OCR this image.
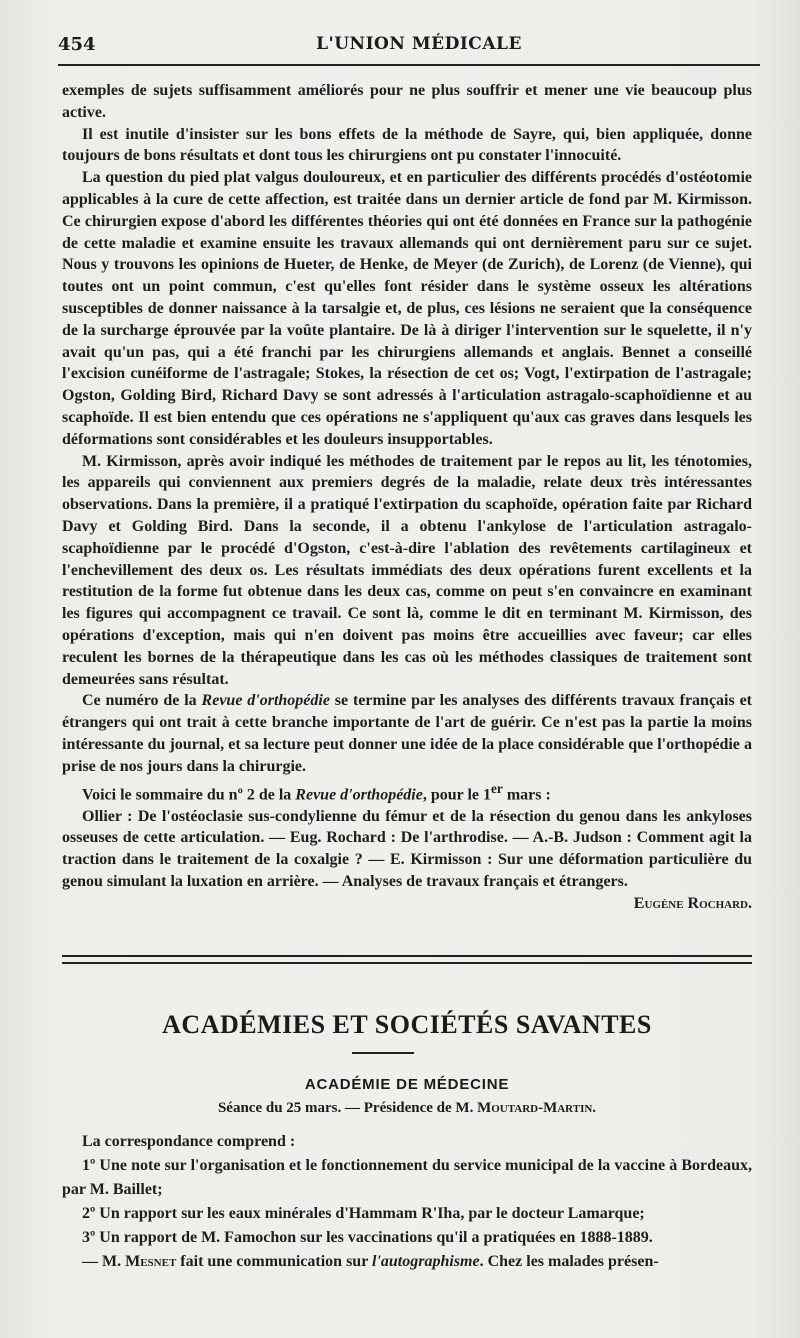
454	L'UNION MÉDICALE

exemples de sujets suffisamment améliorés pour ne plus souffrir et mener une vie beaucoup plus active.

Il est inutile d'insister sur les bons effets de la méthode de Sayre, qui, bien appliquée, donne toujours de bons résultats et dont tous les chirurgiens ont pu constater l'innocuité.

La question du pied plat valgus douloureux, et en particulier des différents procédés d'ostéotomie applicables à la cure de cette affection, est traitée dans un dernier article de fond par M. Kirmisson. Ce chirurgien expose d'abord les différentes théories qui ont été données en France sur la pathogénie de cette maladie et examine ensuite les travaux allemands qui ont dernièrement paru sur ce sujet. Nous y trouvons les opinions de Hueter, de Henke, de Meyer (de Zurich), de Lorenz (de Vienne), qui toutes ont un point commun, c'est qu'elles font résider dans le système osseux les altérations susceptibles de donner naissance à la tarsalgie et, de plus, ces lésions ne seraient que la conséquence de la surcharge éprouvée par la voûte plantaire. De là à diriger l'intervention sur le squelette, il n'y avait qu'un pas, qui a été franchi par les chirurgiens allemands et anglais. Bennet a conseillé l'excision cunéiforme de l'astragale; Stokes, la résection de cet os; Vogt, l'extirpation de l'astragale; Ogston, Golding Bird, Richard Davy se sont adressés à l'articulation astragalo-scaphoïdienne et au scaphoïde. Il est bien entendu que ces opérations ne s'appliquent qu'aux cas graves dans lesquels les déformations sont considérables et les douleurs insupportables.

M. Kirmisson, après avoir indiqué les méthodes de traitement par le repos au lit, les ténotomies, les appareils qui conviennent aux premiers degrés de la maladie, relate deux très intéressantes observations. Dans la première, il a pratiqué l'extirpation du scaphoïde, opération faite par Richard Davy et Golding Bird. Dans la seconde, il a obtenu l'ankylose de l'articulation astragalo-scaphoïdienne par le procédé d'Ogston, c'est-à-dire l'ablation des revêtements cartilagineux et l'enchevillement des deux os. Les résultats immédiats des deux opérations furent excellents et la restitution de la forme fut obtenue dans les deux cas, comme on peut s'en convaincre en examinant les figures qui accompagnent ce travail. Ce sont là, comme le dit en terminant M. Kirmisson, des opérations d'exception, mais qui n'en doivent pas moins être accueillies avec faveur; car elles reculent les bornes de la thérapeutique dans les cas où les méthodes classiques de traitement sont demeurées sans résultat.

Ce numéro de la Revue d'orthopédie se termine par les analyses des différents travaux français et étrangers qui ont trait à cette branche importante de l'art de guérir. Ce n'est pas la partie la moins intéressante du journal, et sa lecture peut donner une idée de la place considérable que l'orthopédie a prise de nos jours dans la chirurgie.

Voici le sommaire du nº 2 de la Revue d'orthopédie, pour le 1er mars :

Ollier : De l'ostéoclasie sus-condylienne du fémur et de la résection du genou dans les ankyloses osseuses de cette articulation. — Eug. Rochard : De l'arthrodise. — A.-B. Judson : Comment agit la traction dans le traitement de la coxalgie ? — E. Kirmisson : Sur une déformation particulière du genou simulant la luxation en arrière. — Analyses de travaux français et étrangers.

Eugène Rochard.

ACADÉMIES ET SOCIÉTÉS SAVANTES
ACADÉMIE DE MÉDECINE
Séance du 25 mars. — Présidence de M. Moutard-Martin.

La correspondance comprend :

1º Une note sur l'organisation et le fonctionnement du service municipal de la vaccine à Bordeaux, par M. Baillet;

2º Un rapport sur les eaux minérales d'Hammam R'Iha, par le docteur Lamarque;

3º Un rapport de M. Famochon sur les vaccinations qu'il a pratiquées en 1888-1889.

— M. Mesnet fait une communication sur l'autographisme. Chez les malades présen-
